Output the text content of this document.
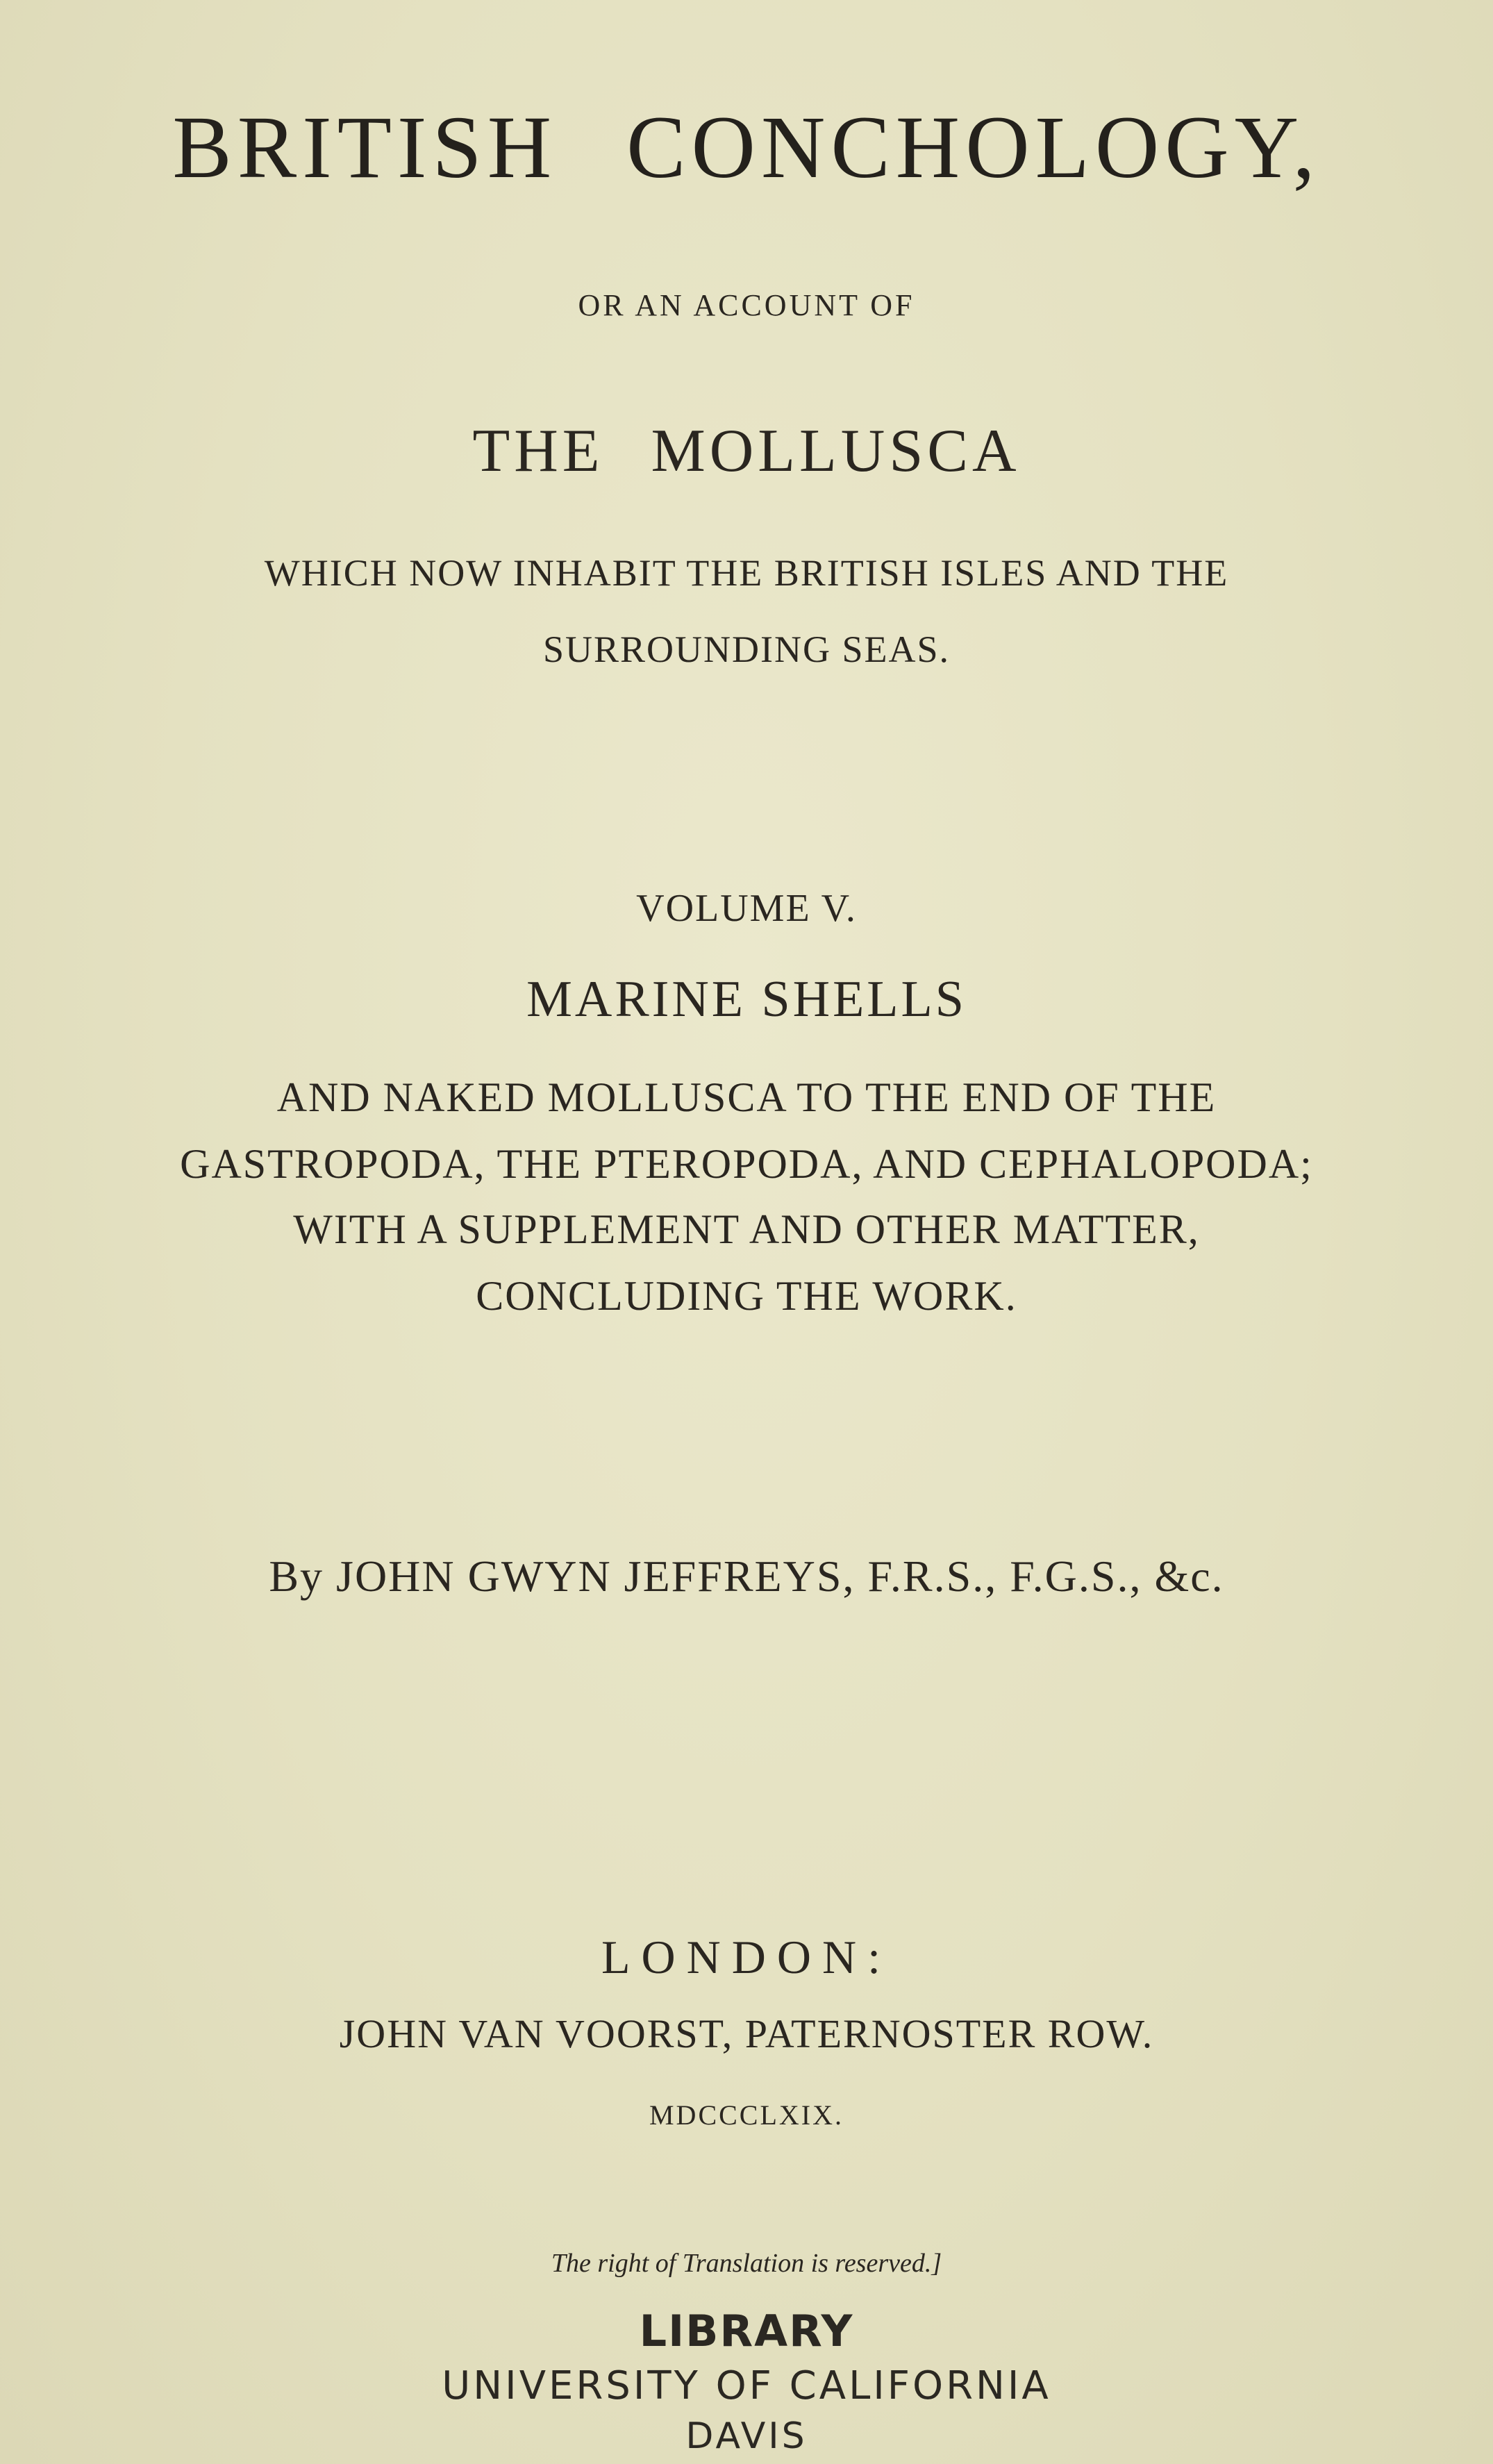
BRITISH CONCHOLOGY,
OR AN ACCOUNT OF
THE MOLLUSCA
WHICH NOW INHABIT THE BRITISH ISLES AND THE
SURROUNDING SEAS.
VOLUME V.
MARINE SHELLS
AND NAKED MOLLUSCA TO THE END OF THE
GASTROPODA, THE PTEROPODA, AND CEPHALOPODA;
WITH A SUPPLEMENT AND OTHER MATTER,
CONCLUDING THE WORK.
By JOHN GWYN JEFFREYS, F.R.S., F.G.S., &c.
LONDON:
JOHN VAN VOORST, PATERNOSTER ROW.
MDCCCLXIX.
The right of Translation is reserved.]
LIBRARY
UNIVERSITY OF CALIFORNIA
DAVIS
